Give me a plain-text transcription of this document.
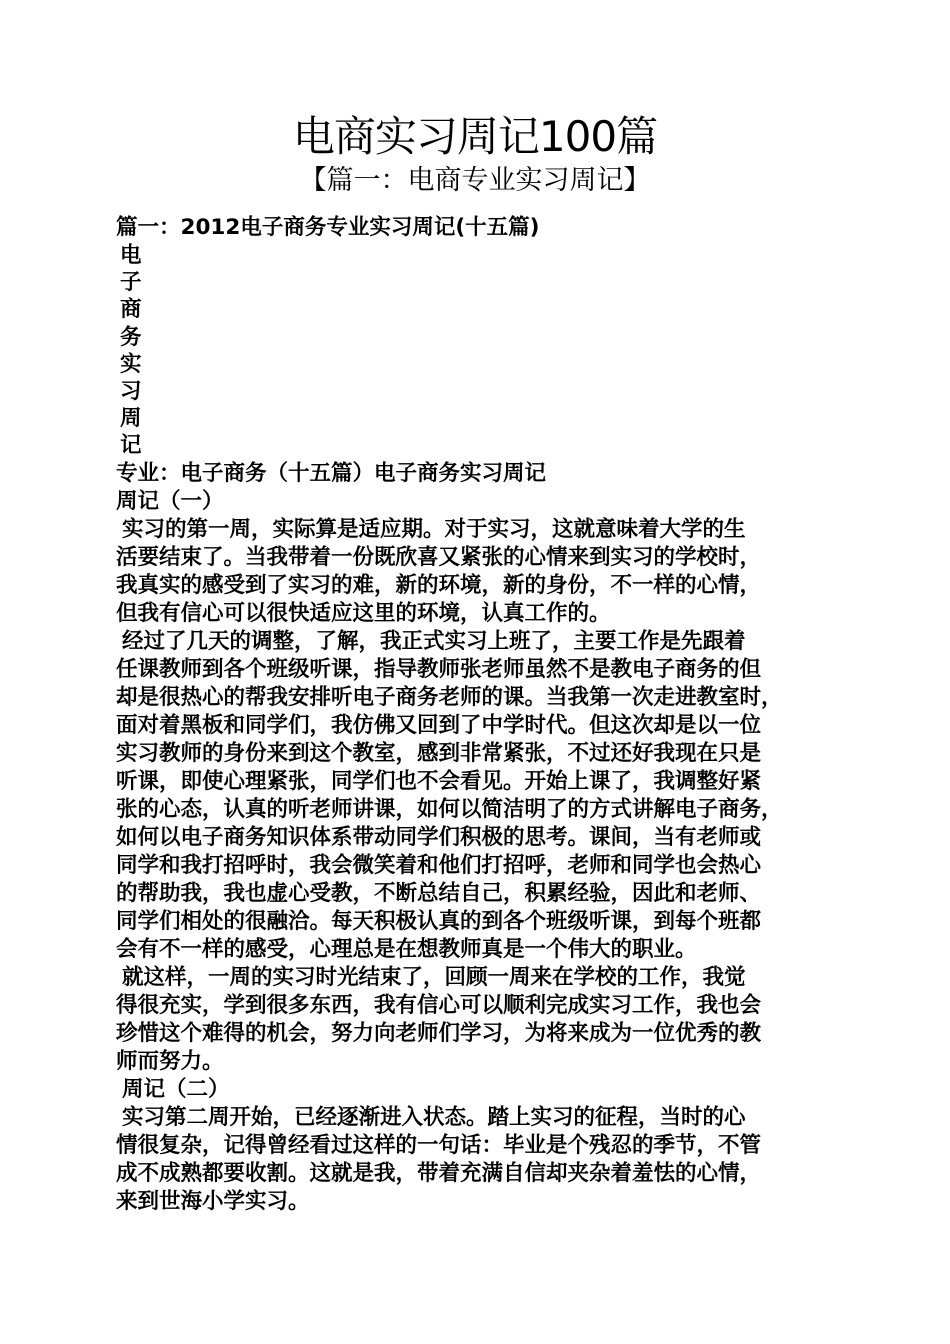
电商实习周记100篇
【篇一：电商专业实习周记】
篇一：2012电子商务专业实习周记(十五篇)
电
子
商
务
实
习
周
记
专业：电子商务（十五篇）电子商务实习周记
周记（一）
实习的第一周，实际算是适应期。对于实习，这就意味着大学的生
活要结束了。当我带着一份既欣喜又紧张的心情来到实习的学校时，
我真实的感受到了实习的难，新的环境，新的身份，不一样的心情，
但我有信心可以很快适应这里的环境，认真工作的。
经过了几天的调整，了解，我正式实习上班了，主要工作是先跟着
任课教师到各个班级听课，指导教师张老师虽然不是教电子商务的但
却是很热心的帮我安排听电子商务老师的课。当我第一次走进教室时，
面对着黑板和同学们，我仿佛又回到了中学时代。但这次却是以一位
实习教师的身份来到这个教室，感到非常紧张，不过还好我现在只是
听课，即使心理紧张，同学们也不会看见。开始上课了，我调整好紧
张的心态，认真的听老师讲课，如何以简洁明了的方式讲解电子商务，
如何以电子商务知识体系带动同学们积极的思考。课间，当有老师或
同学和我打招呼时，我会微笑着和他们打招呼，老师和同学也会热心
的帮助我，我也虚心受教，不断总结自己，积累经验，因此和老师、
同学们相处的很融洽。每天积极认真的到各个班级听课，到每个班都
会有不一样的感受，心理总是在想教师真是一个伟大的职业。
就这样，一周的实习时光结束了，回顾一周来在学校的工作，我觉
得很充实，学到很多东西，我有信心可以顺利完成实习工作，我也会
珍惜这个难得的机会，努力向老师们学习，为将来成为一位优秀的教
师而努力。
周记（二）
实习第二周开始，已经逐渐进入状态。踏上实习的征程，当时的心
情很复杂，记得曾经看过这样的一句话：毕业是个残忍的季节，不管
成不成熟都要收割。这就是我，带着充满自信却夹杂着羞怯的心情，
来到世海小学实习。
